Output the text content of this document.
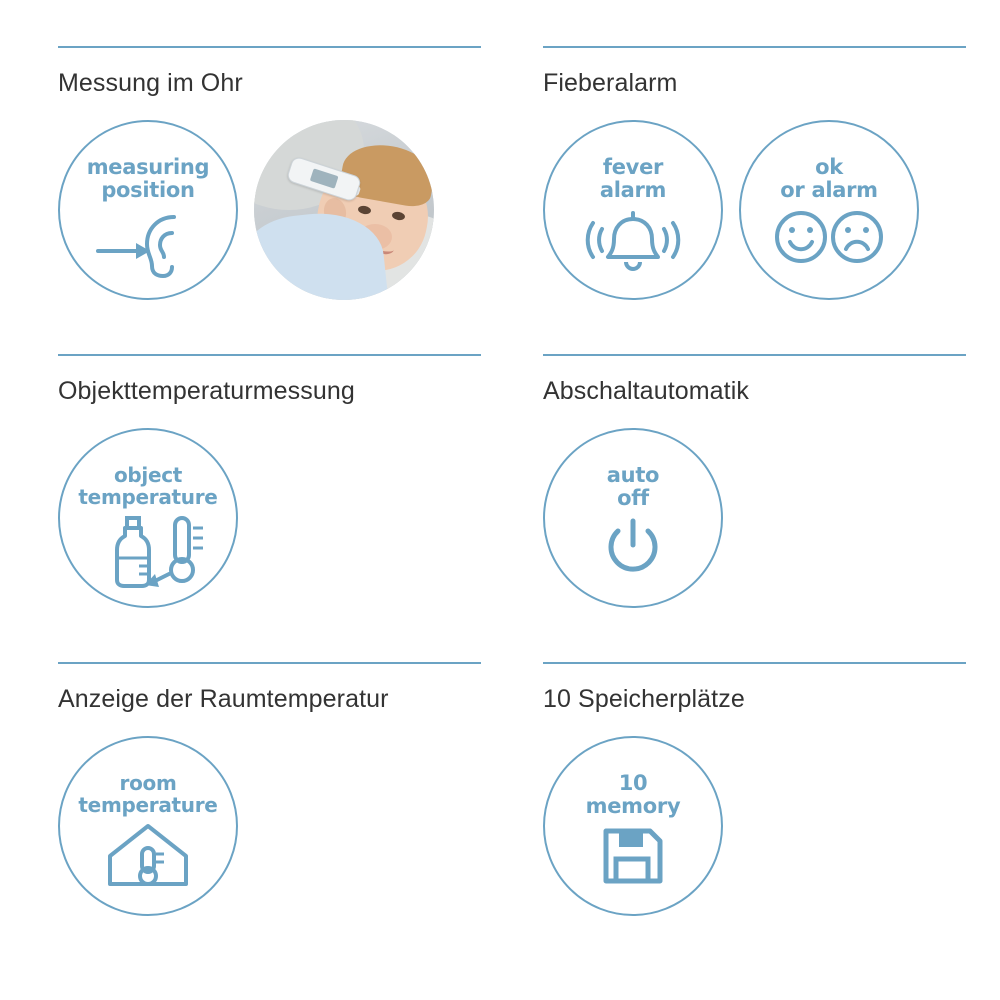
Messung im Ohr
measuring
position
Fieberalarm
fever
alarm
ok
or alarm
Objekttemperaturmessung
object
temperature
Abschaltautomatik
auto
off
Anzeige der Raumtemperatur
room
temperature
10 Speicherplätze
10
memory
